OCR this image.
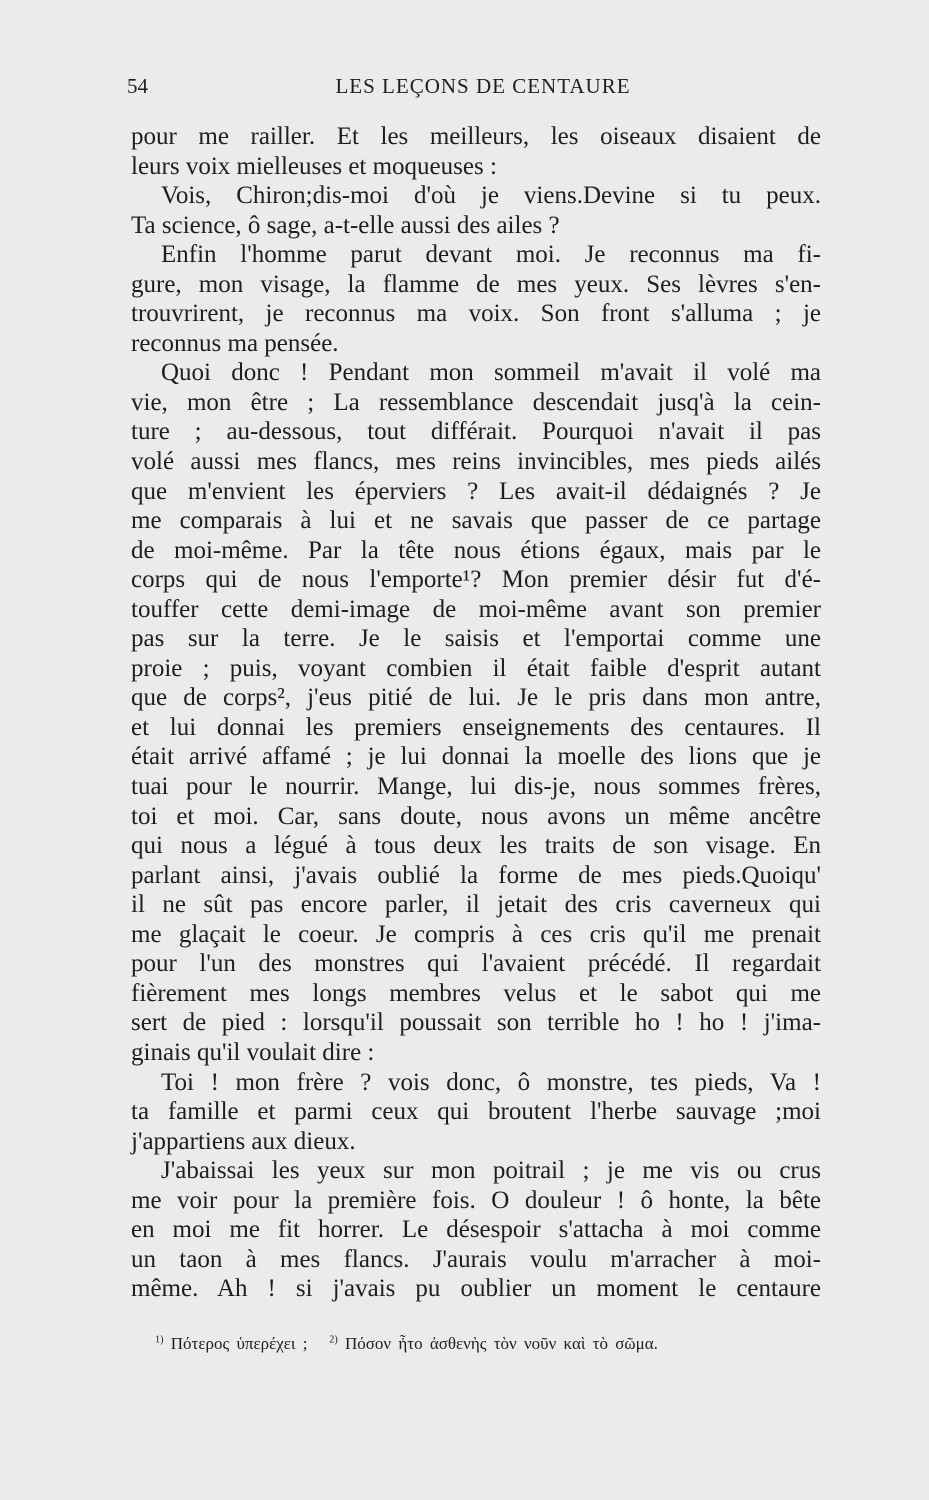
54	LES LEÇONS DE CENTAURE
pour me railler. Et les meilleurs, les oiseaux disaient de
leurs voix mielleuses et moqueuses :
Vois, Chiron;dis-moi d'où je viens.Devine si tu peux.
Ta science, ô sage, a-t-elle aussi des ailes ?
Enfin l'homme parut devant moi. Je reconnus ma fi-
gure, mon visage, la flamme de mes yeux. Ses lèvres s'en-
trouvrirent, je reconnus ma voix. Son front s'alluma ; je
reconnus ma pensée.
Quoi donc ! Pendant mon sommeil m'avait il volé ma
vie, mon être ; La ressemblance descendait jusq'à la cein-
ture ; au-dessous, tout différait. Pourquoi n'avait il pas
volé aussi mes flancs, mes reins invincibles, mes pieds ailés
que m'envient les éperviers ? Les avait-il dédaignés ? Je
me comparais à lui et ne savais que passer de ce partage
de moi-même. Par la tête nous étions égaux, mais par le
corps qui de nous l'emporte¹? Mon premier désir fut d'é-
touffer cette demi-image de moi-même avant son premier
pas sur la terre. Je le saisis et l'emportai comme une
proie ; puis, voyant combien il était faible d'esprit autant
que de corps², j'eus pitié de lui. Je le pris dans mon antre,
et lui donnai les premiers enseignements des centaures. Il
était arrivé affamé ; je lui donnai la moelle des lions que je
tuai pour le nourrir. Mange, lui dis-je, nous sommes frères,
toi et moi. Car, sans doute, nous avons un même ancêtre
qui nous a légué à tous deux les traits de son visage. En
parlant ainsi, j'avais oublié la forme de mes pieds.Quoiqu'
il ne sût pas encore parler, il jetait des cris caverneux qui
me glaçait le coeur. Je compris à ces cris qu'il me prenait
pour l'un des monstres qui l'avaient précédé. Il regardait
fièrement mes longs membres velus et le sabot qui me
sert de pied : lorsqu'il poussait son terrible ho ! ho ! j'ima-
ginais qu'il voulait dire :
Toi ! mon frère ? vois donc, ô monstre, tes pieds, Va !
ta famille et parmi ceux qui broutent l'herbe sauvage ;moi
j'appartiens aux dieux.
J'abaissai les yeux sur mon poitrail ; je me vis ou crus
me voir pour la première fois. O douleur ! ô honte, la bête
en moi me fit horrer. Le désespoir s'attacha à moi comme
un taon à mes flancs. J'aurais voulu m'arracher à moi-
même. Ah ! si j'avais pu oublier un moment le centaure
$^{1)}$ Πότερος ὑπερέχει ; $^{2)}$ Πόσον ἦτο ἀσθενὴς τὸν νοῦν καὶ τὸ σῶμα.
